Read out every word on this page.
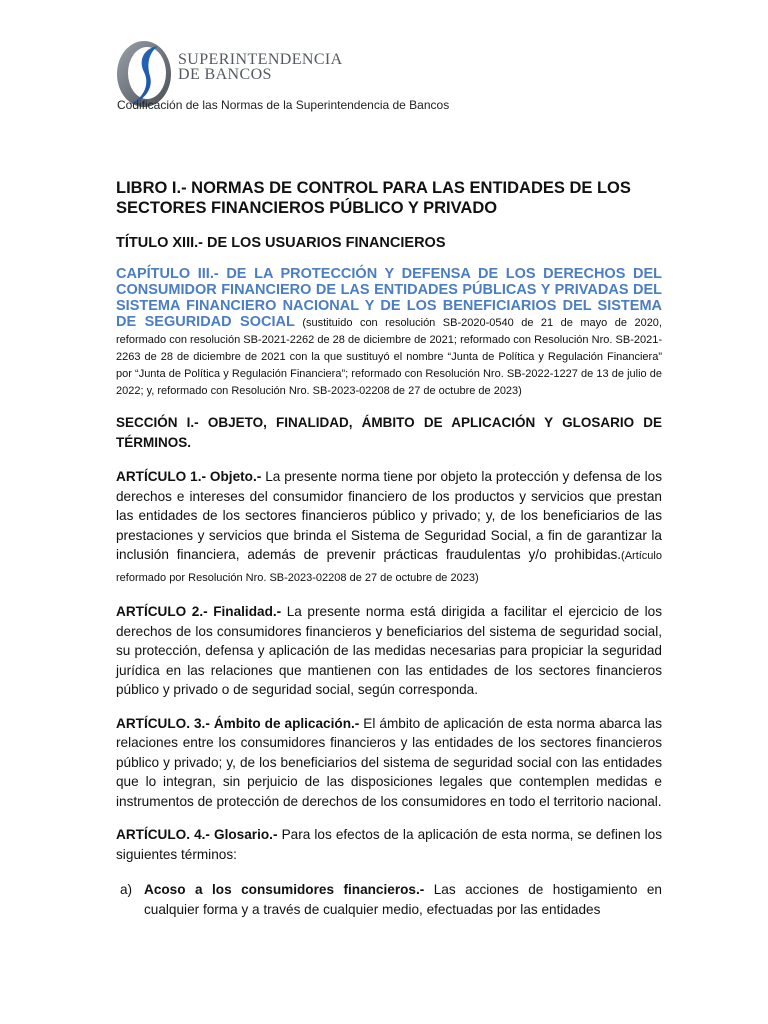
SUPERINTENDENCIA
DE BANCOS
Codificación de las Normas de la Superintendencia de Bancos
LIBRO I.- NORMAS DE CONTROL PARA LAS ENTIDADES DE LOS SECTORES FINANCIEROS PÚBLICO Y PRIVADO
TÍTULO XIII.- DE LOS USUARIOS FINANCIEROS
CAPÍTULO III.- DE LA PROTECCIÓN Y DEFENSA DE LOS DERECHOS DEL CONSUMIDOR FINANCIERO DE LAS ENTIDADES PÚBLICAS Y PRIVADAS DEL SISTEMA FINANCIERO NACIONAL Y DE LOS BENEFICIARIOS DEL SISTEMA DE SEGURIDAD SOCIAL (sustituido con resolución SB-2020-0540 de 21 de mayo de 2020, reformado con resolución SB-2021-2262 de 28 de diciembre de 2021; reformado con Resolución Nro. SB-2021-2263 de 28 de diciembre de 2021 con la que sustituyó el nombre “Junta de Política y Regulación Financiera” por “Junta de Política y Regulación Financiera”; reformado con Resolución Nro. SB-2022-1227 de 13 de julio de 2022; y, reformado con Resolución Nro. SB-2023-02208 de 27 de octubre de 2023)
SECCIÓN I.- OBJETO, FINALIDAD, ÁMBITO DE APLICACIÓN Y GLOSARIO DE TÉRMINOS.

ARTÍCULO 1.- Objeto.- La presente norma tiene por objeto la protección y defensa de los derechos e intereses del consumidor financiero de los productos y servicios que prestan las entidades de los sectores financieros público y privado; y, de los beneficiarios de las prestaciones y servicios que brinda el Sistema de Seguridad Social, a fin de garantizar la inclusión financiera, además de prevenir prácticas fraudulentas y/o prohibidas.(Artículo reformado por Resolución Nro. SB-2023-02208 de 27 de octubre de 2023)

ARTÍCULO 2.- Finalidad.- La presente norma está dirigida a facilitar el ejercicio de los derechos de los consumidores financieros y beneficiarios del sistema de seguridad social, su protección, defensa y aplicación de las medidas necesarias para propiciar la seguridad jurídica en las relaciones que mantienen con las entidades de los sectores financieros público y privado o de seguridad social, según corresponda.

ARTÍCULO. 3.- Ámbito de aplicación.- El ámbito de aplicación de esta norma abarca las relaciones entre los consumidores financieros y las entidades de los sectores financieros público y privado; y, de los beneficiarios del sistema de seguridad social con las entidades que lo integran, sin perjuicio de las disposiciones legales que contemplen medidas e instrumentos de protección de derechos de los consumidores en todo el territorio nacional.

ARTÍCULO. 4.- Glosario.- Para los efectos de la aplicación de esta norma, se definen los siguientes términos:

a) Acoso a los consumidores financieros.- Las acciones de hostigamiento en cualquier forma y a través de cualquier medio, efectuadas por las entidades
